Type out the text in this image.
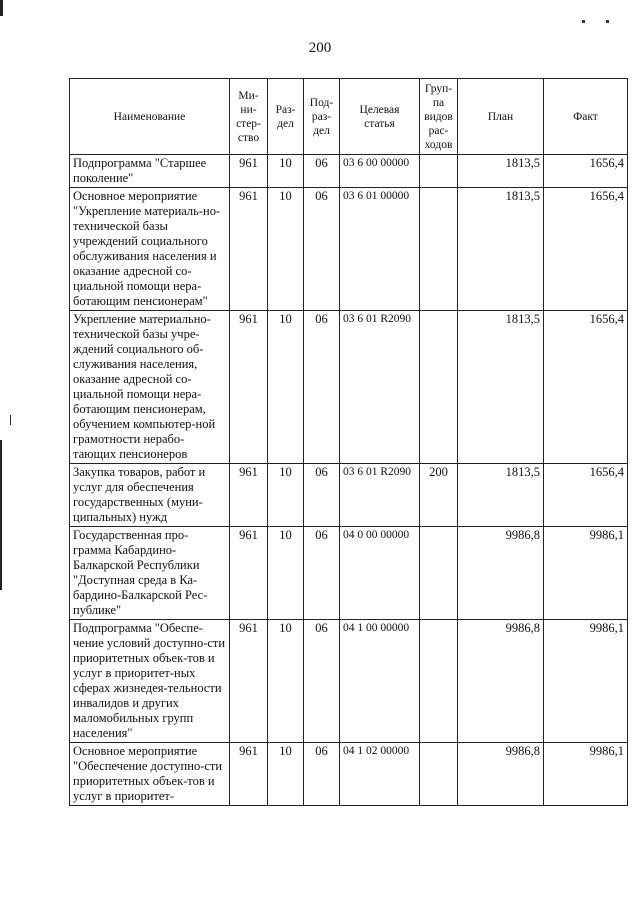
200
Наименование	Ми-
ни-
стер-
ство	Раз-
дел	Под-
раз-
дел	Целевая
статья	Груп-
па
видов
рас-
ходов	План	Факт
Подпрограмма "Старшее поколение"	961	10	06	03 6 00 00000		1813,5	1656,4
Основное мероприятие "Укрепление материаль-но-технической базы учреждений социального обслуживания населения и оказание адресной со-циальной помощи нера-ботающим пенсионерам"	961	10	06	03 6 01 00000		1813,5	1656,4
Укрепление материально-технической базы учре-ждений социального об-служивания населения, оказание адресной со-циальной помощи нера-ботающим пенсионерам, обучением компьютер-ной грамотности нерабо-тающих пенсионеров	961	10	06	03 6 01 R2090		1813,5	1656,4
Закупка товаров, работ и услуг для обеспечения государственных (муни-ципальных) нужд	961	10	06	03 6 01 R2090	200	1813,5	1656,4
Государственная про-грамма Кабардино-Балкарской Республики "Доступная среда в Ка-бардино-Балкарской Рес-публике"	961	10	06	04 0 00 00000		9986,8	9986,1
Подпрограмма "Обеспе-чение условий доступно-сти приоритетных объек-тов и услуг в приоритет-ных сферах жизнедея-тельности инвалидов и других маломобильных групп населения"	961	10	06	04 1 00 00000		9986,8	9986,1
Основное мероприятие "Обеспечение доступно-сти приоритетных объек-тов и услуг в приоритет-	961	10	06	04 1 02 00000		9986,8	9986,1
